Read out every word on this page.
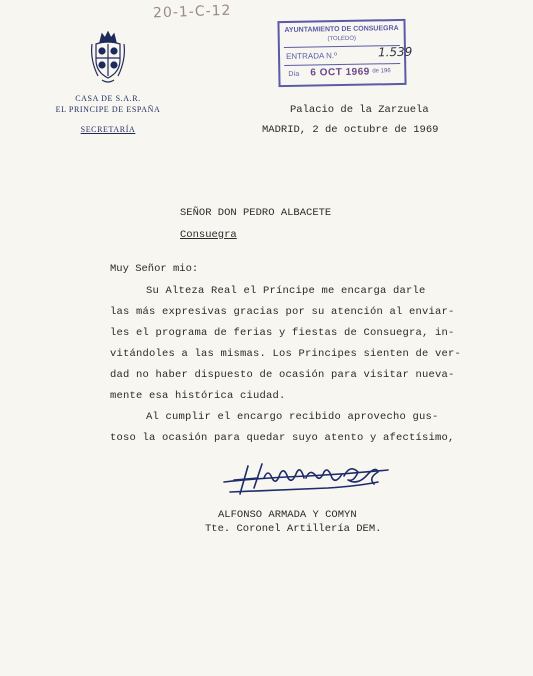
20-1-C-12
CASA DE S.A.R.
EL PRINCIPE DE ESPAÑA
SECRETARÍA
AYUNTAMIENTO DE CONSUEGRA
(TOLEDO)
ENTRADA N.º	1.539
Día 6 OCT 1969 de 196
Palacio de la Zarzuela
MADRID, 2 de octubre de 1969
SEÑOR DON PEDRO ALBACETE
Consuegra
Muy Señor mio:
Su Alteza Real el Príncipe me encarga darle
las más expresivas gracias por su atención al enviar-
les el programa de ferias y fiestas de Consuegra, in-
vitándoles a las mismas. Los Principes sienten de ver-
dad no haber dispuesto de ocasión para visitar nueva-
mente esa histórica ciudad.
Al cumplir el encargo recibido aprovecho gus-
toso la ocasión para quedar suyo atento y afectísimo,
ALFONSO ARMADA Y COMYN
Tte. Coronel Artillería DEM.
